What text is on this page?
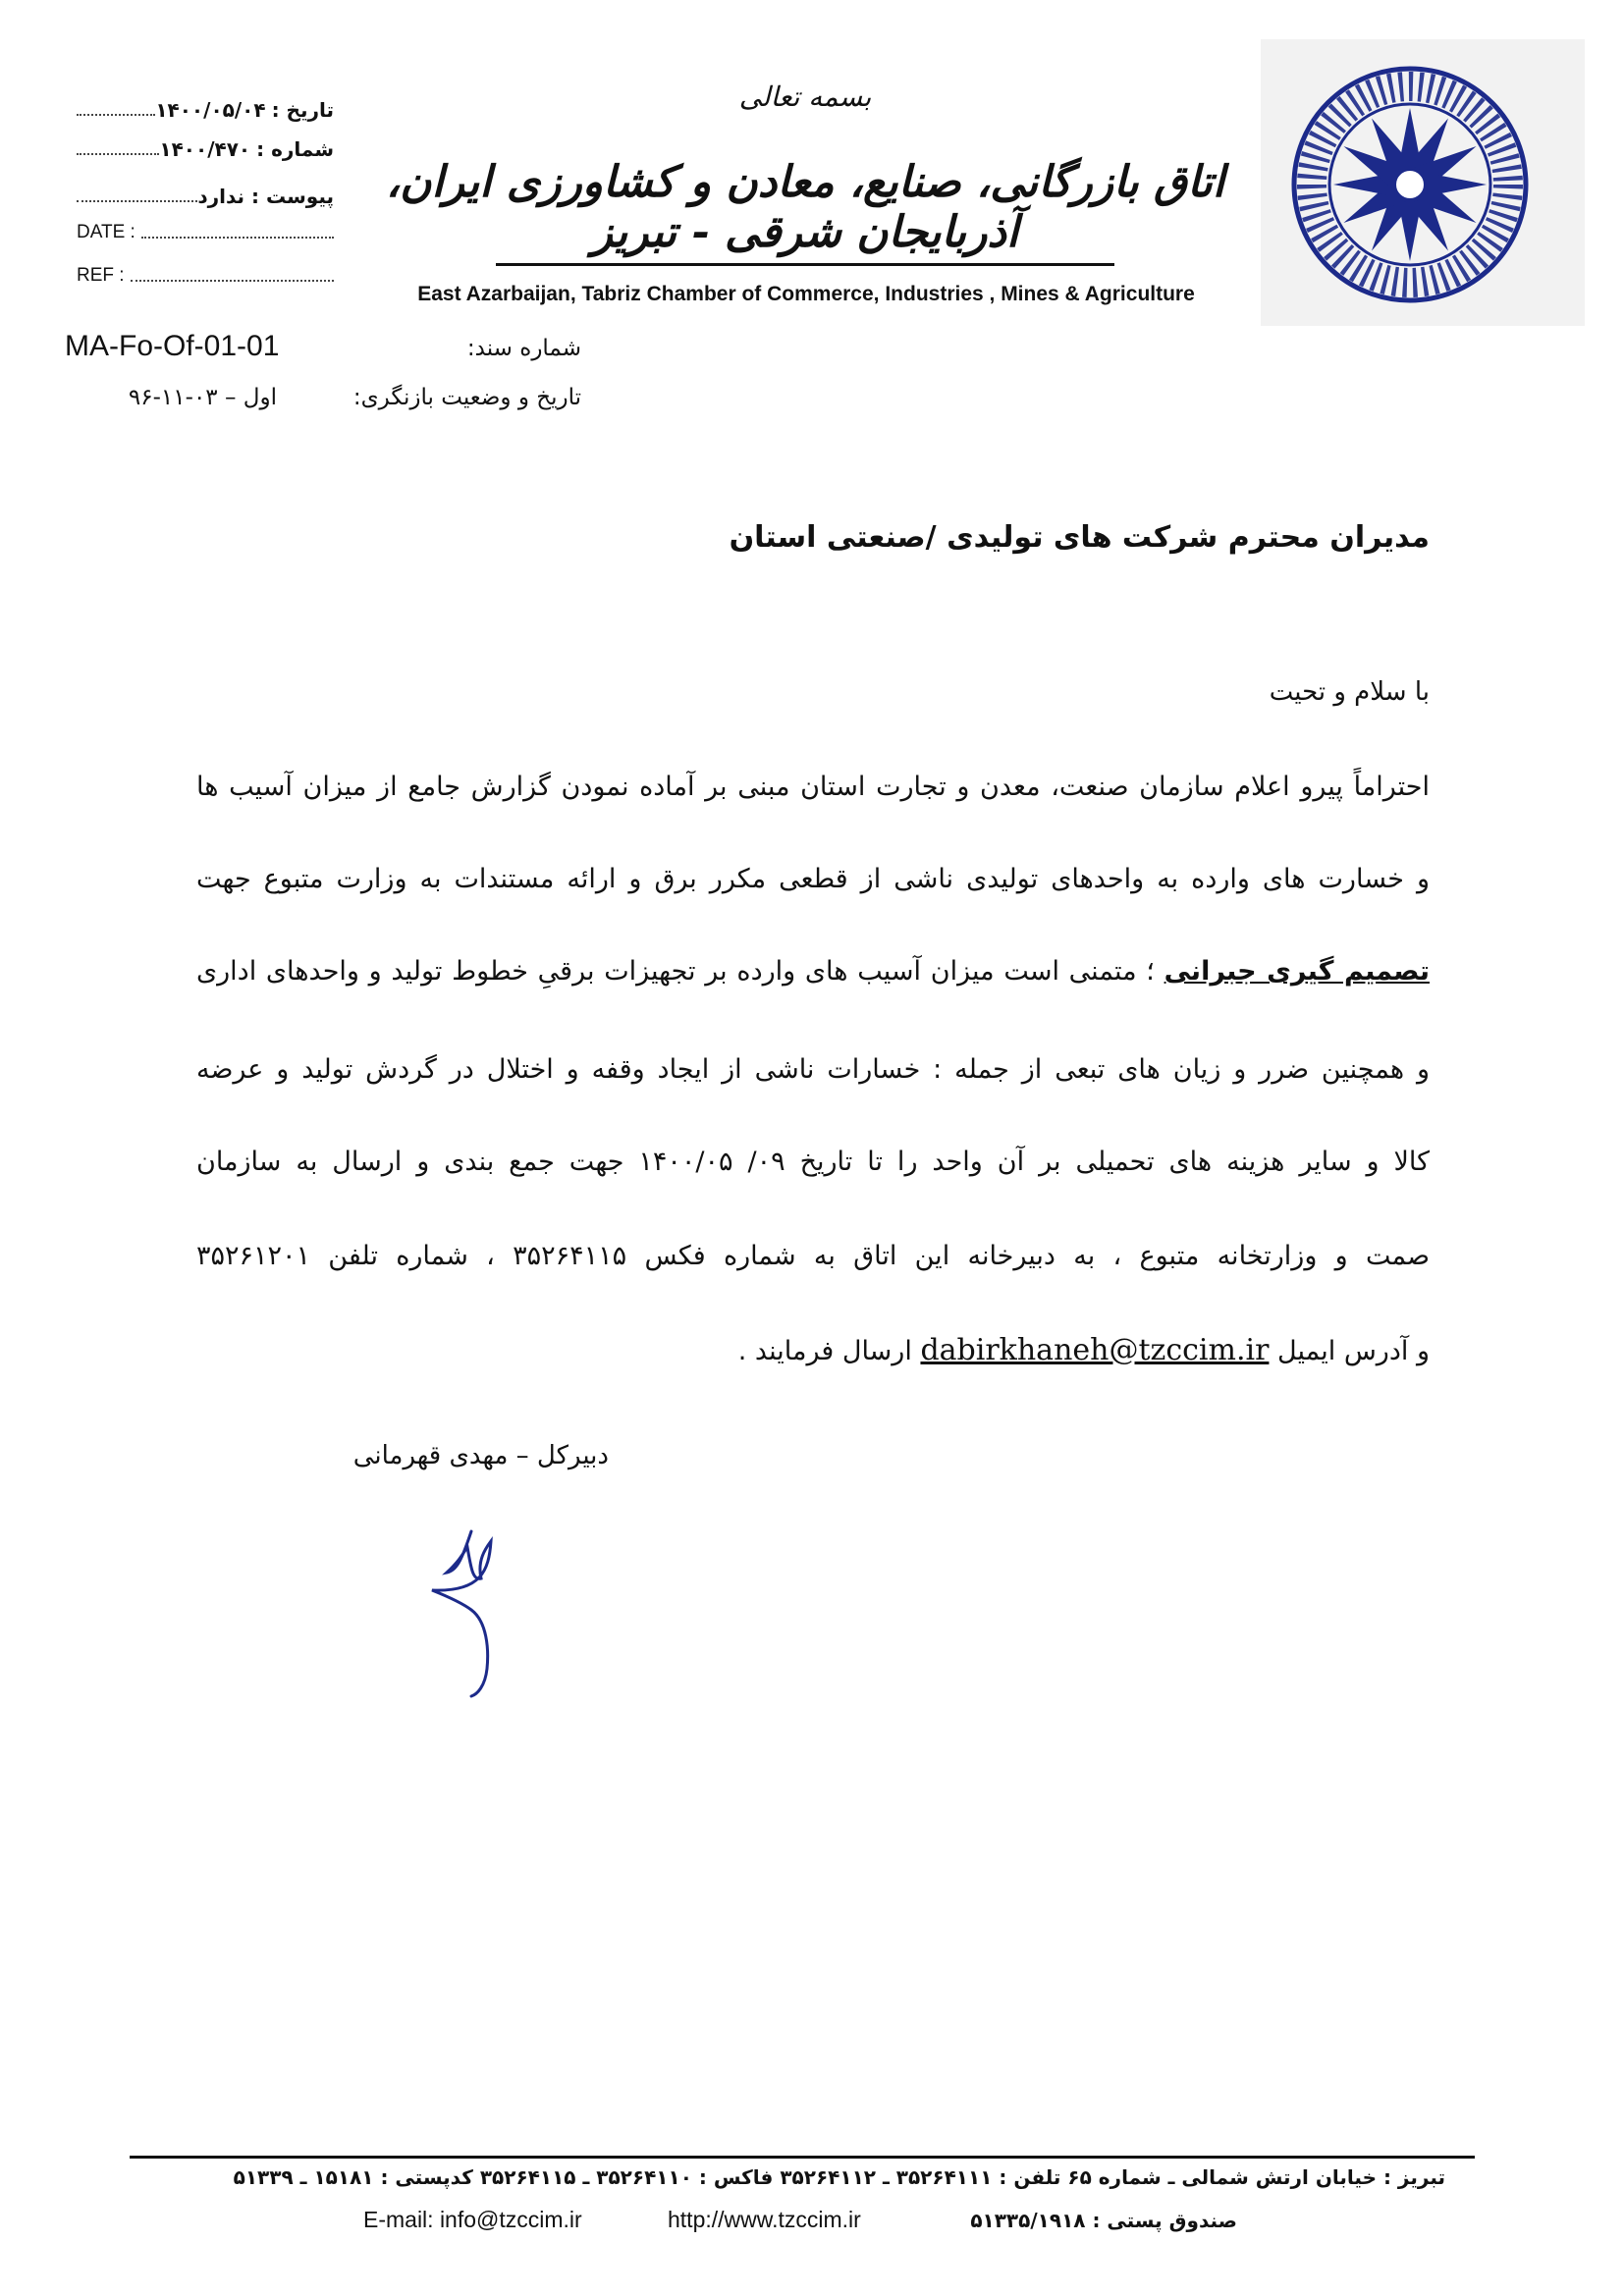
تاریخ :
۱۴۰۰/۰۵/۰۴
شماره :
۱۴۰۰/۴۷۰
پیوست : ندارد
DATE :
REF :
بسمه تعالی
اتاق بازرگانی، صنایع، معادن و کشاورزی ایران، آذربایجان شرقی - تبریز
East Azarbaijan, Tabriz Chamber of Commerce, Industries , Mines & Agriculture
MA-Fo-Of-01-01	شماره سند:
تاریخ و وضعیت بازنگری:
اول – ۰۳-۱۱-۹۶
مدیران محترم شرکت های تولیدی /صنعتی استان
با سلام و تحیت
احتراماً پیرو اعلام سازمان صنعت، معدن و تجارت استان مبنی بر آماده نمودن گزارش جامع از میزان آسیب ها
و خسارت های وارده به واحدهای تولیدی ناشی از قطعی مکرر برق و ارائه مستندات به وزارت متبوع جهت
تصمیم گیری جبرانی ؛ متمنی است میزان آسیب های وارده بر تجهیزات برقیِ خطوط تولید و واحدهای اداری
و همچنین ضرر و زیان های تبعی از جمله : خسارات ناشی از ایجاد وقفه و اختلال در گردش تولید و عرضه
کالا و سایر هزینه های تحمیلی بر آن واحد را تا تاریخ ۰۹/ ۱۴۰۰/۰۵ جهت جمع بندی و ارسال به سازمان
صمت و وزارتخانه متبوع ، به دبیرخانه این اتاق به شماره فکس ۳۵۲۶۴۱۱۵ ، شماره تلفن ۳۵۲۶۱۲۰۱
و آدرس ایمیل dabirkhaneh@tzccim.ir ارسال فرمایند .
دبیرکل – مهدی قهرمانی
تبریز : خیابان ارتش شمالی ـ شماره ۶۵ تلفن : ۳۵۲۶۴۱۱۱ ـ ۳۵۲۶۴۱۱۲ فاکس : ۳۵۲۶۴۱۱۰ ـ ۳۵۲۶۴۱۱۵ کدپستی : ۱۵۱۸۱ ـ ۵۱۳۳۹
E-mail: info@tzccim.ir	http://www.tzccim.ir	صندوق پستی : ۵۱۳۳۵/۱۹۱۸
